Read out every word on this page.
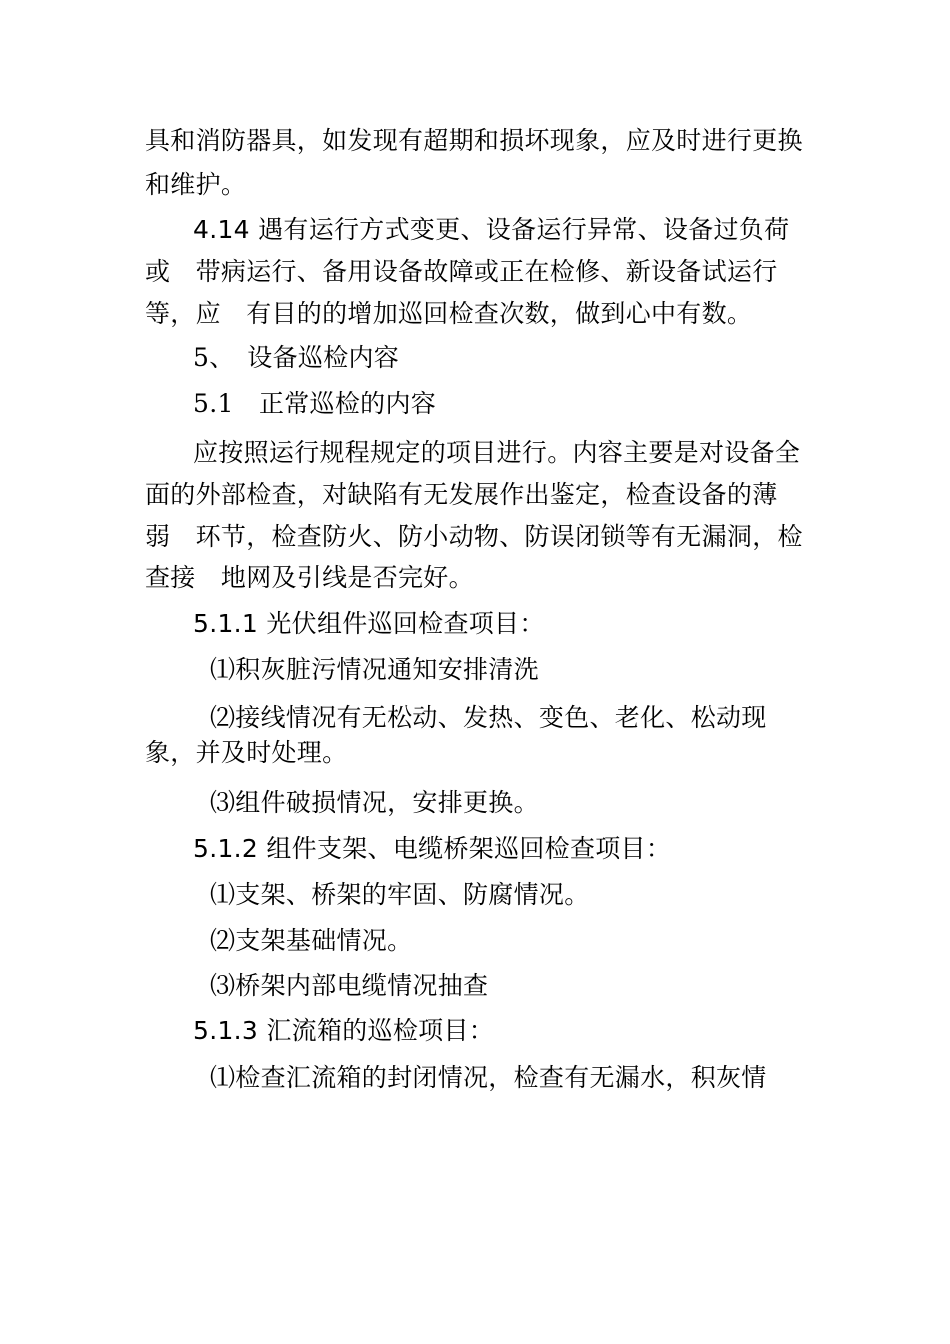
具和消防器具，如发现有超期和损坏现象，应及时进行更换
和维护。
4.14 遇有运行方式变更、设备运行异常、设备过负荷
或　带病运行、备用设备故障或正在检修、新设备试运行
等，应　有目的的增加巡回检查次数，做到心中有数。
5、　设备巡检内容
5.1　正常巡检的内容
应按照运行规程规定的项目进行。内容主要是对设备全
面的外部检查，对缺陷有无发展作出鉴定，检查设备的薄
弱　环节，检查防火、防小动物、防误闭锁等有无漏洞，检
查接　地网及引线是否完好。
5.1.1 光伏组件巡回检查项目：
⑴积灰脏污情况通知安排清洗
⑵接线情况有无松动、发热、变色、老化、松动现
象，并及时处理。
⑶组件破损情况，安排更换。
5.1.2 组件支架、电缆桥架巡回检查项目：
⑴支架、桥架的牢固、防腐情况。
⑵支架基础情况。
⑶桥架内部电缆情况抽查
5.1.3 汇流箱的巡检项目：
⑴检查汇流箱的封闭情况，检查有无漏水，积灰情
